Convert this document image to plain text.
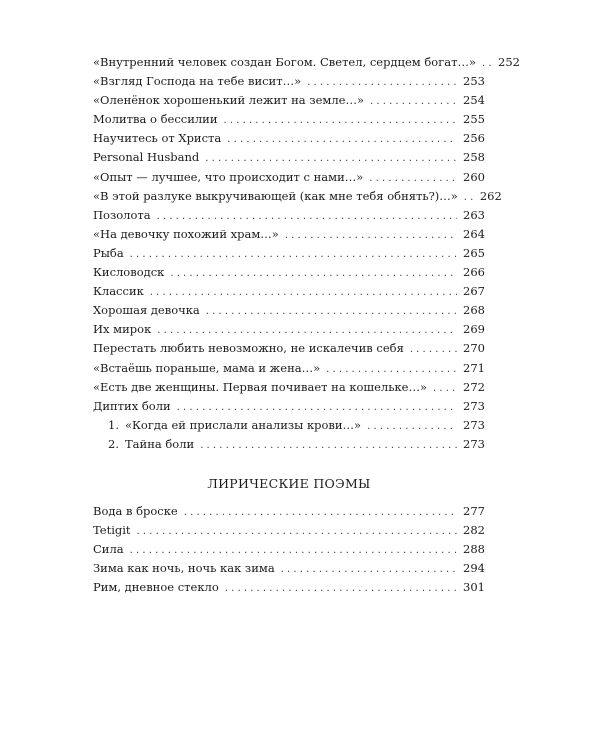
«Внутренний человек создан Богом. Светел, сердцем богат…» . . . 252
«Взгляд Господа на тебе висит…» . . .	253
«Оленёнок хорошенький лежит на земле…» . . .	254
Молитва о бессилии . . .	255
Научитесь от Христа . . .	256
Personal Husband . . .	258
«Опыт — лучшее, что происходит с нами…» . . .	260
«В этой разлуке выкручивающей (как мне тебя обнять?)…» . . . 262
Позолота . . .	263
«На девочку похожий храм…» . . .	264
Рыба . . .	265
Кисловодск . . .	266
Классик . . .	267
Хорошая девочка . . .	268
Их мирок . . .	269
Перестать любить невозможно, не искалечив себя . . .	270
«Встаёшь пораньше, мама и жена…» . . .	271
«Есть две женщины. Первая почивает на кошельке…» . . .	272
Диптих боли . . .	273
1. «Когда ей прислали анализы крови…» . . .	273
2. Тайна боли . . .	273
ЛИРИЧЕСКИЕ ПОЭМЫ
Вода в броске . . .	277
Tetigit . . .	282
Сила . . .	288
Зима как ночь, ночь как зима . . .	294
Рим, дневное стекло . . .	301
